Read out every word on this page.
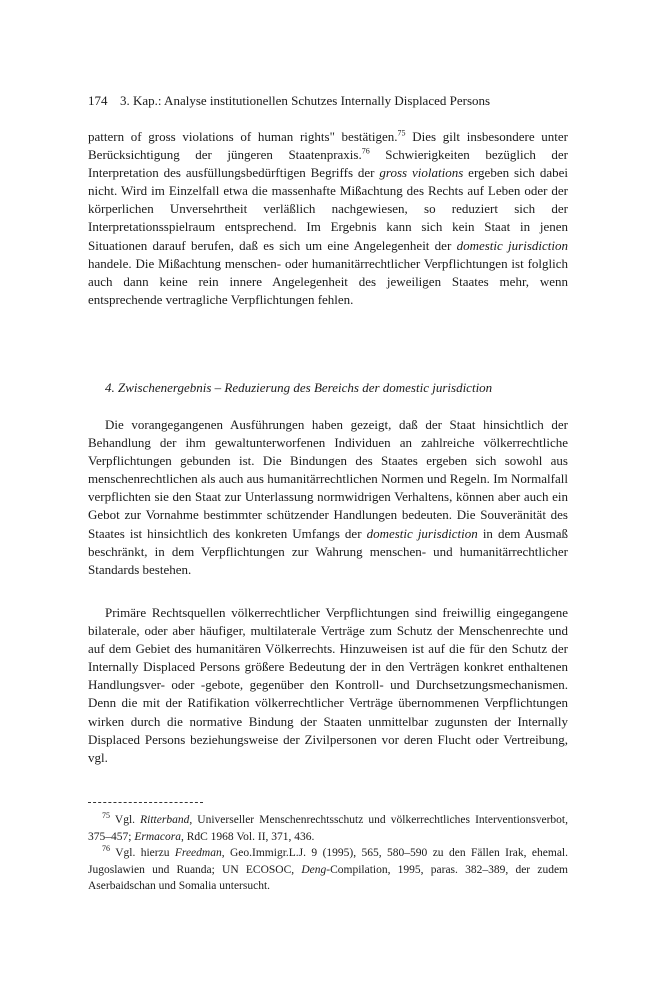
174 3. Kap.: Analyse institutionellen Schutzes Internally Displaced Persons
pattern of gross violations of human rights" bestätigen.$^{75}$ Dies gilt insbesondere unter Berücksichtigung der jüngeren Staatenpraxis.$^{76}$ Schwierigkeiten bezüglich der Interpretation des ausfüllungsbedürftigen Begriffs der gross violations ergeben sich dabei nicht. Wird im Einzelfall etwa die massenhafte Mißachtung des Rechts auf Leben oder der körperlichen Unversehrtheit verläßlich nachgewiesen, so reduziert sich der Interpretationsspielraum entsprechend. Im Ergebnis kann sich kein Staat in jenen Situationen darauf berufen, daß es sich um eine Angelegenheit der domestic jurisdiction handele. Die Mißachtung menschen- oder humanitärrechtlicher Verpflichtungen ist folglich auch dann keine rein innere Angelegenheit des jeweiligen Staates mehr, wenn entsprechende vertragliche Verpflichtungen fehlen.
4. Zwischenergebnis – Reduzierung des Bereichs der domestic jurisdiction
Die vorangegangenen Ausführungen haben gezeigt, daß der Staat hinsichtlich der Behandlung der ihm gewaltunterworfenen Individuen an zahlreiche völkerrechtliche Verpflichtungen gebunden ist. Die Bindungen des Staates ergeben sich sowohl aus menschenrechtlichen als auch aus humanitärrechtlichen Normen und Regeln. Im Normalfall verpflichten sie den Staat zur Unterlassung normwidrigen Verhaltens, können aber auch ein Gebot zur Vornahme bestimmter schützender Handlungen bedeuten. Die Souveränität des Staates ist hinsichtlich des konkreten Umfangs der domestic jurisdiction in dem Ausmaß beschränkt, in dem Verpflichtungen zur Wahrung menschen- und humanitärrechtlicher Standards bestehen.
Primäre Rechtsquellen völkerrechtlicher Verpflichtungen sind freiwillig eingegangene bilaterale, oder aber häufiger, multilaterale Verträge zum Schutz der Menschenrechte und auf dem Gebiet des humanitären Völkerrechts. Hinzuweisen ist auf die für den Schutz der Internally Displaced Persons größere Bedeutung der in den Verträgen konkret enthaltenen Handlungsver- oder -gebote, gegenüber den Kontroll- und Durchsetzungsmechanismen. Denn die mit der Ratifikation völkerrechtlicher Verträge übernommenen Verpflichtungen wirken durch die normative Bindung der Staaten unmittelbar zugunsten der Internally Displaced Persons beziehungsweise der Zivilpersonen vor deren Flucht oder Vertreibung, vgl.

$^{75}$ Vgl. Ritterband, Universeller Menschenrechtsschutz und völkerrechtliches Interventionsverbot, 375–457; Ermacora, RdC 1968 Vol. II, 371, 436.

$^{76}$ Vgl. hierzu Freedman, Geo.Immigr.L.J. 9 (1995), 565, 580–590 zu den Fällen Irak, ehemal. Jugoslawien und Ruanda; UN ECOSOC, Deng-Compilation, 1995, paras. 382–389, der zudem Aserbaidschan und Somalia untersucht.
